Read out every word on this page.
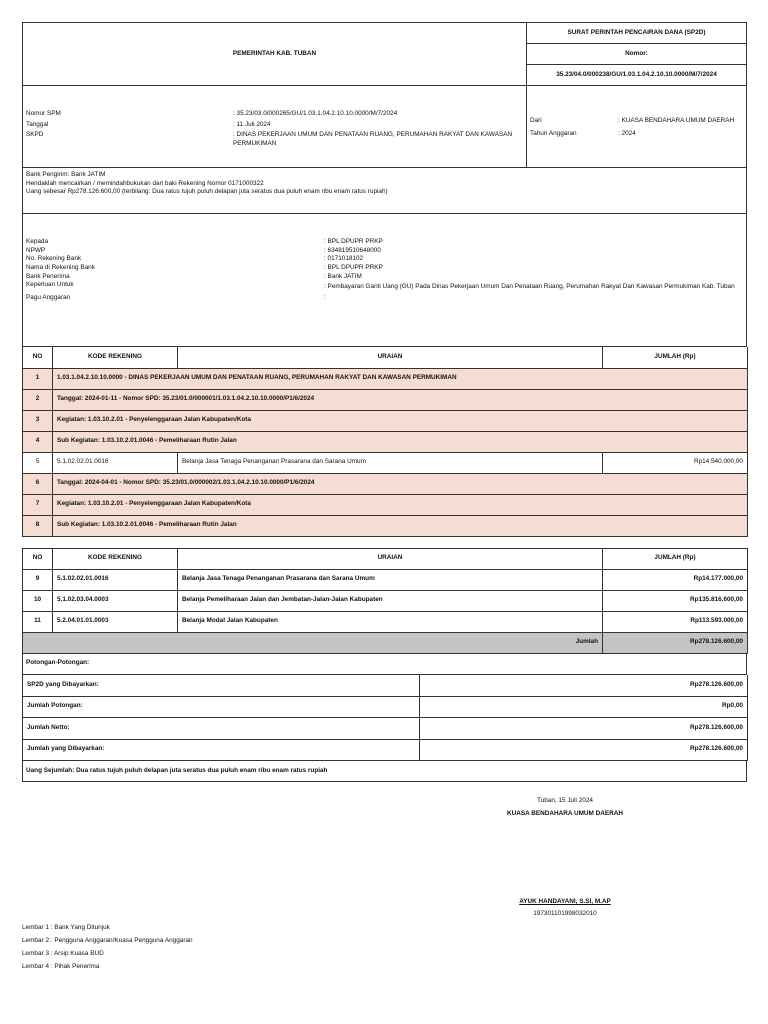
PEMERINTAH KAB. TUBAN
SURAT PERINTAH PENCAIRAN DANA (SP2D)
Nomor:
35.23/04.0/000238/GU/1.03.1.04.2.10.10.0000/M/7/2024
Nomor SPM	: 35.23/03.0/000265/GU/1.03.1.04.2.10.10.0000/M/7/2024
Tanggal	: 11 Juli 2024
SKPD	: DINAS PEKERJAAN UMUM DAN PENATAAN RUANG, PERUMAHAN RAKYAT DAN KAWASAN PERMUKIMAN
Dari	: KUASA BENDAHARA UMUM DAERAH
Tahun Anggaran	: 2024
Bank Pengirim: Bank JATIM
Hendaklah mencairkan / memindahbukukan dari baki Rekening Nomor 0171000322
Uang sebesar Rp278.126.600,00 (terbilang: Dua ratus tujuh puluh delapan juta seratus dua puluh enam ribu enam ratus rupiah)
Kepada	: BPL DPUPR PRKP
NPWP	: 634819510648000
No. Rekening Bank	: 0171018102
Nama di Rekening Bank	: BPL DPUPR PRKP
Bank Penerima	: Bank JATIM
Keperluan Untuk	: Pembayaran Ganti Uang (GU) Pada Dinas Pekerjaan Umum Dan Penataan Ruang, Perumahan Rakyat Dan Kawasan Permukiman Kab. Tuban
Pagu Anggaran	:
NO	KODE REKENING	URAIAN	JUMLAH (Rp)
1	1.03.1.04.2.10.10.0000 - DINAS PEKERJAAN UMUM DAN PENATAAN RUANG, PERUMAHAN RAKYAT DAN KAWASAN PERMUKIMAN		
2	Tanggal: 2024-01-11 - Nomor SPD: 35.23/01.0/000001/1.03.1.04.2.10.10.0000/P1/6/2024		
3	Kegiatan: 1.03.10.2.01 - Penyelenggaraan Jalan Kabupaten/Kota		
4	Sub Kegiatan: 1.03.10.2.01.0046 - Pemeliharaan Rutin Jalan		
5	5.1.02.02.01.0016	Belanja Jasa Tenaga Penanganan Prasarana dan Sarana Umum	Rp14.540.000,00
6	Tanggal: 2024-04-01 - Nomor SPD: 35.23/01.0/000002/1.03.1.04.2.10.10.0000/P1/6/2024		
7	Kegiatan: 1.03.10.2.01 - Penyelenggaraan Jalan Kabupaten/Kota		
8	Sub Kegiatan: 1.03.10.2.01.0046 - Pemeliharaan Rutin Jalan		
NO	KODE REKENING	URAIAN	JUMLAH (Rp)
9	5.1.02.02.01.0016	Belanja Jasa Tenaga Penanganan Prasarana dan Sarana Umum	Rp14.177.000,00
10	5.1.02.03.04.0003	Belanja Pemeliharaan Jalan dan Jembatan-Jalan-Jalan Kabupaten	Rp135.816.600,00
11	5.2.04.01.01.0003	Belanja Modal Jalan Kabupaten	Rp113.593.000,00
Jumlah			Rp278.126.600,00
Potongan-Potongan:
SP2D yang Dibayarkan:	Rp278.126.600,00
Jumlah Potongan:	Rp0,00
Jumlah Netto:	Rp278.126.600,00
Jumlah yang Dibayarkan:	Rp278.126.600,00
Uang Sejumlah: Dua ratus tujuh puluh delapan juta seratus dua puluh enam ribu enam ratus rupiah
Tuban, 15 Juli 2024
KUASA BENDAHARA UMUM DAERAH
AYUK HANDAYANI, S.SI, M.AP
197301101998032010
Lembar 1 : Bank Yang Ditunjuk
Lembar 2 : Pengguna Anggaran/Kuasa Pengguna Anggaran
Lembar 3 : Arsip Kuasa BUD
Lembar 4 : Pihak Penerima
